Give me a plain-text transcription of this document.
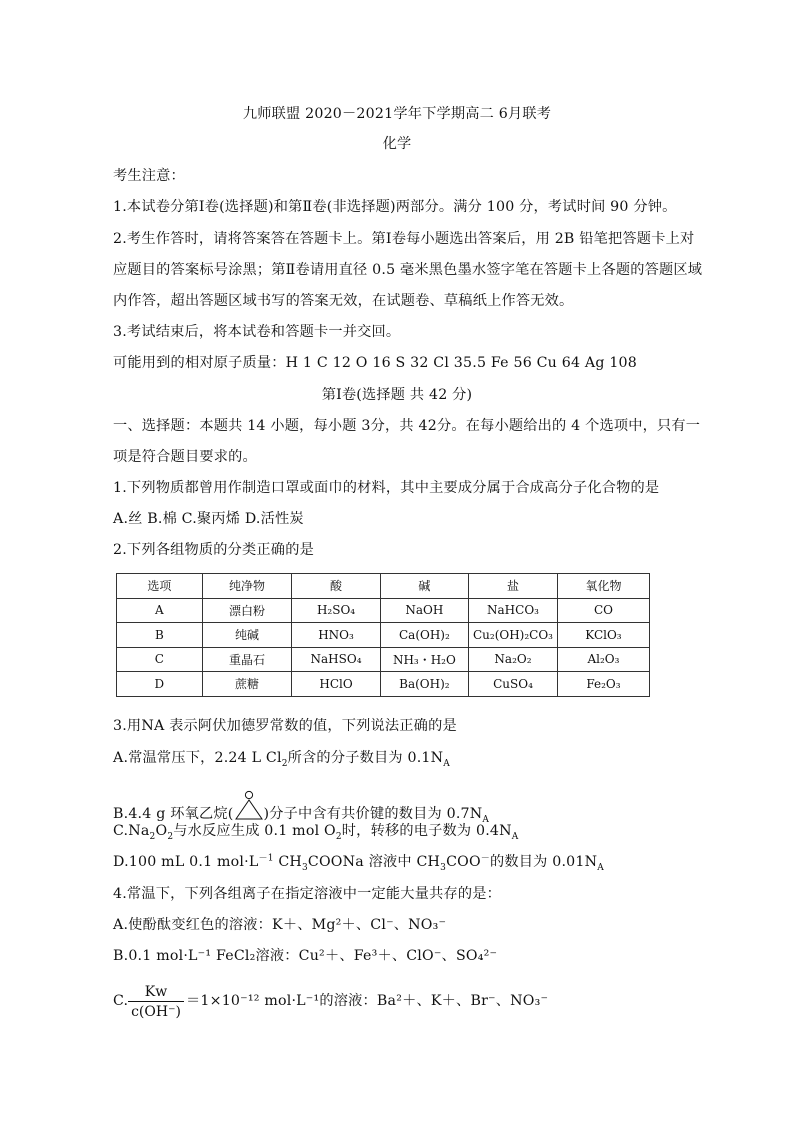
九师联盟 2020－2021学年下学期高二 6月联考
化学
考生注意：
1.本试卷分第Ⅰ卷(选择题)和第Ⅱ卷(非选择题)两部分。满分 100 分，考试时间 90 分钟。
2.考生作答时，请将答案答在答题卡上。第Ⅰ卷每小题选出答案后，用 2B 铅笔把答题卡上对
应题目的答案标号涂黑；第Ⅱ卷请用直径 0.5 毫米黑色墨水签字笔在答题卡上各题的答题区域
内作答，超出答题区域书写的答案无效，在试题卷、草稿纸上作答无效。
3.考试结束后，将本试卷和答题卡一并交回。
可能用到的相对原子质量：H 1 C 12 O 16 S 32 Cl 35.5 Fe 56 Cu 64 Ag 108
第Ⅰ卷(选择题 共 42 分)
一、选择题：本题共 14 小题，每小题 3分，共 42分。在每小题给出的 4 个选项中，只有一
项是符合题目要求的。
1.下列物质都曾用作制造口罩或面巾的材料，其中主要成分属于合成高分子化合物的是
A.丝 B.棉 C.聚丙烯 D.活性炭
2.下列各组物质的分类正确的是
选项	纯净物	酸	碱	盐	氧化物
A	漂白粉	H₂SO₄	NaOH	NaHCO₃	CO
B	纯碱	HNO₃	Ca(OH)₂	Cu₂(OH)₂CO₃	KClO₃
C	重晶石	NaHSO₄	NH₃・H₂O	Na₂O₂	Al₂O₃
D	蔗糖	HClO	Ba(OH)₂	CuSO₄	Fe₂O₃
3.用NA 表示阿伏加德罗常数的值，下列说法正确的是
A.常温常压下，2.24 L $Cl_2$所含的分子数目为 $0.1N_A$
B.4.4 g 环氧乙烷( )分子中含有共价键的数目为 $0.7N_A$
$C.Na_2O_2$与水反应生成 0.1 mol $O_2$时，转移的电子数为 $0.4N_A$
D.100 mL 0.1 $mol\cdot L^{-1}$ $CH_3COONa$ 溶液中 $CH_3COO^-$的数目为 $0.01N_A$
4.常温下，下列各组离子在指定溶液中一定能大量共存的是：
A.使酚酞变红色的溶液：K＋、Mg²＋、Cl⁻、NO₃⁻
B.0.1 mol·L⁻¹ FeCl₂溶液：Cu²＋、Fe³＋、ClO⁻、SO₄²⁻
C. $\frac{Kw}{c(OH^-)} =1\times 10^{-12}$ mol·L⁻¹的溶液：Ba²＋、K＋、Br⁻、NO₃⁻
